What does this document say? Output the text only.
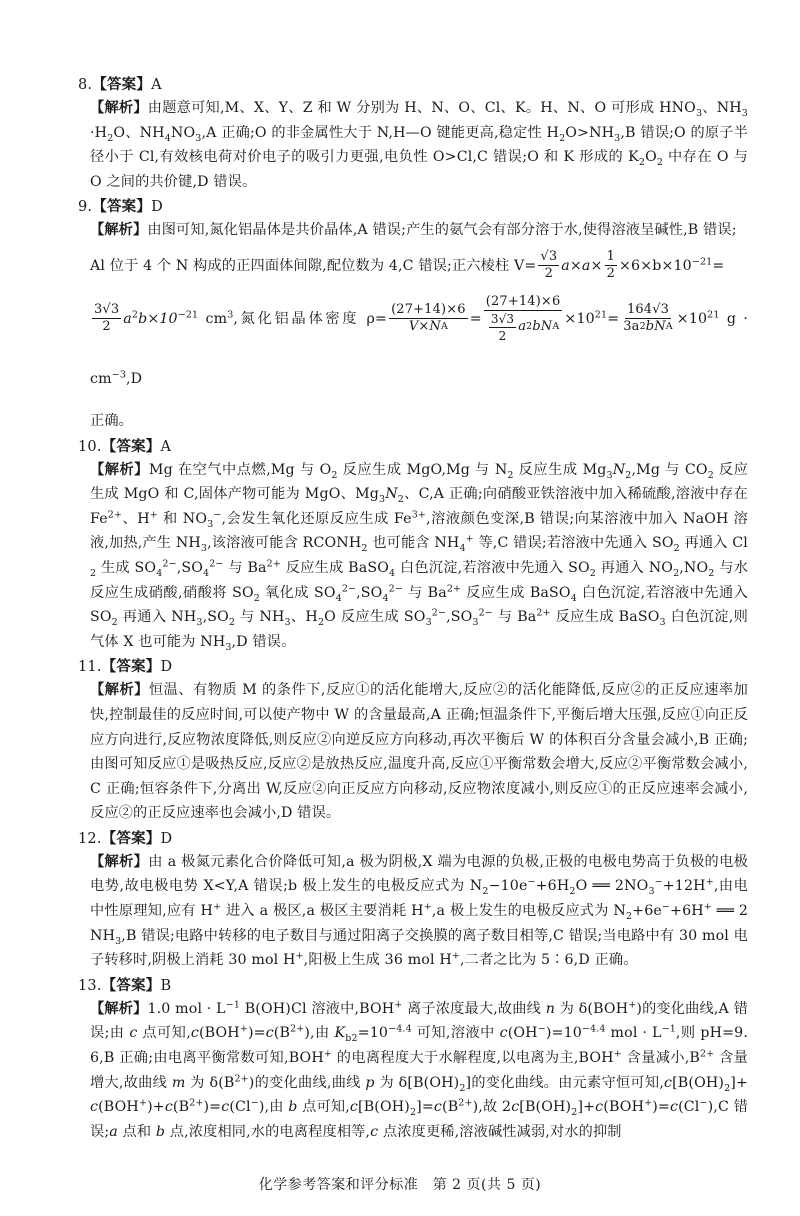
8.【答案】A
【解析】由题意可知,M、X、Y、Z 和 W 分别为 H、N、O、Cl、K。H、N、O 可形成 $HNO_3$、$NH_3\cdot H_2O$、$NH_4NO_3,A$ 正确;O 的非金属性大于 N,H—O 键能更高,稳定性 $H_2O>NH_3,B$ 错误;O 的原子半径小于 Cl,有效核电荷对价电子的吸引力更强,电负性 O>Cl,C 错误;O 和 K 形成的 $K_2O_2$ 中存在 O 与 O 之间的共价键,D 错误。
9.【答案】D
【解析】由图可知,氮化铝晶体是共价晶体,A 错误;产生的氨气会有部分溶于水,使得溶液呈碱性,B 错误;
Al 位于 4 个 N 构成的正四面体间隙,配位数为 4,C 错误;正六棱柱 $V= \frac{√3}{2} a\times a\times \frac{1}{2} \times 6\times b\times 10^{-21}=$
$\frac{3√3}{2} a^2b\times 10^{-21}$ $cm^3$,氮化铝晶体密度 $\rho= \frac{(27+14)\times 6}{\text{V×N A}} = \frac{(27+14)\times 6}{\frac{3√3}{2} a 2 bN A} \times 10^{21}= \frac{164√3}{\text{3a 2 bN A}} \times 10^{21}$ $g \cdot cm^{-3},D$
正确。
10.【答案】A
【解析】Mg 在空气中点燃,Mg 与 $O_2$ 反应生成 MgO,Mg 与 $N_2$ 反应生成 $Mg_3N_2,Mg$ 与 $CO_2$ 反应生成 MgO 和 C,固体产物可能为 MgO、$Mg_3N_2$、C,A 正确;向硝酸亚铁溶液中加入稀硫酸,溶液中存在 $Fe^{2+}$、H+ 和 $NO_3^-$,会发生氧化还原反应生成 $Fe^{3+}$,溶液颜色变深,B 错误;向某溶液中加入 NaOH 溶液,加热,产生 $NH_3$,该溶液可能含 $RCONH_2$ 也可能含 $NH_4^+$ 等,C 错误;若溶液中先通入 $SO_2$ 再通入 $Cl_2$ 生成 $SO_4^{2-},SO_4^{2-}$ 与 $Ba^{2+}$ 反应生成 BaSO$_4$ 白色沉淀,若溶液中先通入 $SO_2$ 再通入 $NO_2,NO_2$ 与水反应生成硝酸,硝酸将 $SO_2$ 氧化成 $SO_4^{2-},SO_4^{2-}$ 与 $Ba^{2+}$ 反应生成 BaSO$_4$ 白色沉淀,若溶液中先通入 $SO_2$ 再通入 $NH_3,SO_2$ 与 $NH_3$、$H_2O$ 反应生成 $SO_3^{2-},SO_3^{2-}$ 与 $Ba^{2+}$ 反应生成 BaSO$_3$ 白色沉淀,则气体 X 也可能为 $NH_3,D$ 错误。
11.【答案】D
【解析】恒温、有物质 M 的条件下,反应①的活化能增大,反应②的活化能降低,反应②的正反应速率加快,控制最佳的反应时间,可以使产物中 W 的含量最高,A 正确;恒温条件下,平衡后增大压强,反应①向正反应方向进行,反应物浓度降低,则反应②向逆反应方向移动,再次平衡后 W 的体积百分含量会减小,B 正确;由图可知反应①是吸热反应,反应②是放热反应,温度升高,反应①平衡常数会增大,反应②平衡常数会减小,C 正确;恒容条件下,分离出 W,反应②向正反应方向移动,反应物浓度减小,则反应①的正反应速率会减小,反应②的正反应速率也会减小,D 错误。
12.【答案】D
【解析】由 a 极氮元素化合价降低可知,a 极为阴极,X 端为电源的负极,正极的电极电势高于负极的电极电势,故电极电势 X<Y,A 错误;b 极上发生的电极反应式为 $N_2-10e^-+6H_2O$ ══ $2NO_3^-+12H^+$,由电中性原理知,应有 H+ 进入 a 极区,a 极区主要消耗 H+,a 极上发生的电极反应式为 $N_2+6e^-+6H^+$ ══ $2NH_3,B$ 错误;电路中转移的电子数目与通过阳离子交换膜的离子数目相等,C 错误;当电路中有 30 mol 电子转移时,阴极上消耗 30 mol H+,阳极上生成 36 mol H+,二者之比为 5∶6,D 正确。
13.【答案】B
【解析】1.0 mol · $L^{-1}$ B(OH)Cl 溶液中,BOH+ 离子浓度最大,故曲线 n 为 δ(BOH+)的变化曲线,A 错误;由 c 点可知$,c(BOH^+)=c(B^{2+})$,由 $K_{b2}=10^{-4.4}$ 可知,溶液中 $c(OH^-)=10^{-4.4}$ mol · $L^{-1}$,则 pH=9.6,B 正确;由电离平衡常数可知,BOH+ 的电离程度大于水解程度,以电离为主,BOH+ 含量减小$,B^{2+}$ 含量增大,故曲线 m 为 $\delta(B^{2+})$的变化曲线,曲线 p 为 $\delta[B(OH)_2]$的变化曲线。由元素守恒可知$,c[B(OH)_2]+c(BOH^+)+c(B^{2+})=c(Cl^-)$,由 b 点可知$,c[B(OH)_2]=c(B^{2+})$,故 $2c[B(OH)_2]+c(BOH^+)=c(Cl^-),C$ 错误;a 点和 b 点,浓度相同,水的电离程度相等,c 点浓度更稀,溶液碱性减弱,对水的抑制
化学参考答案和评分标准　第 2 页(共 5 页)
